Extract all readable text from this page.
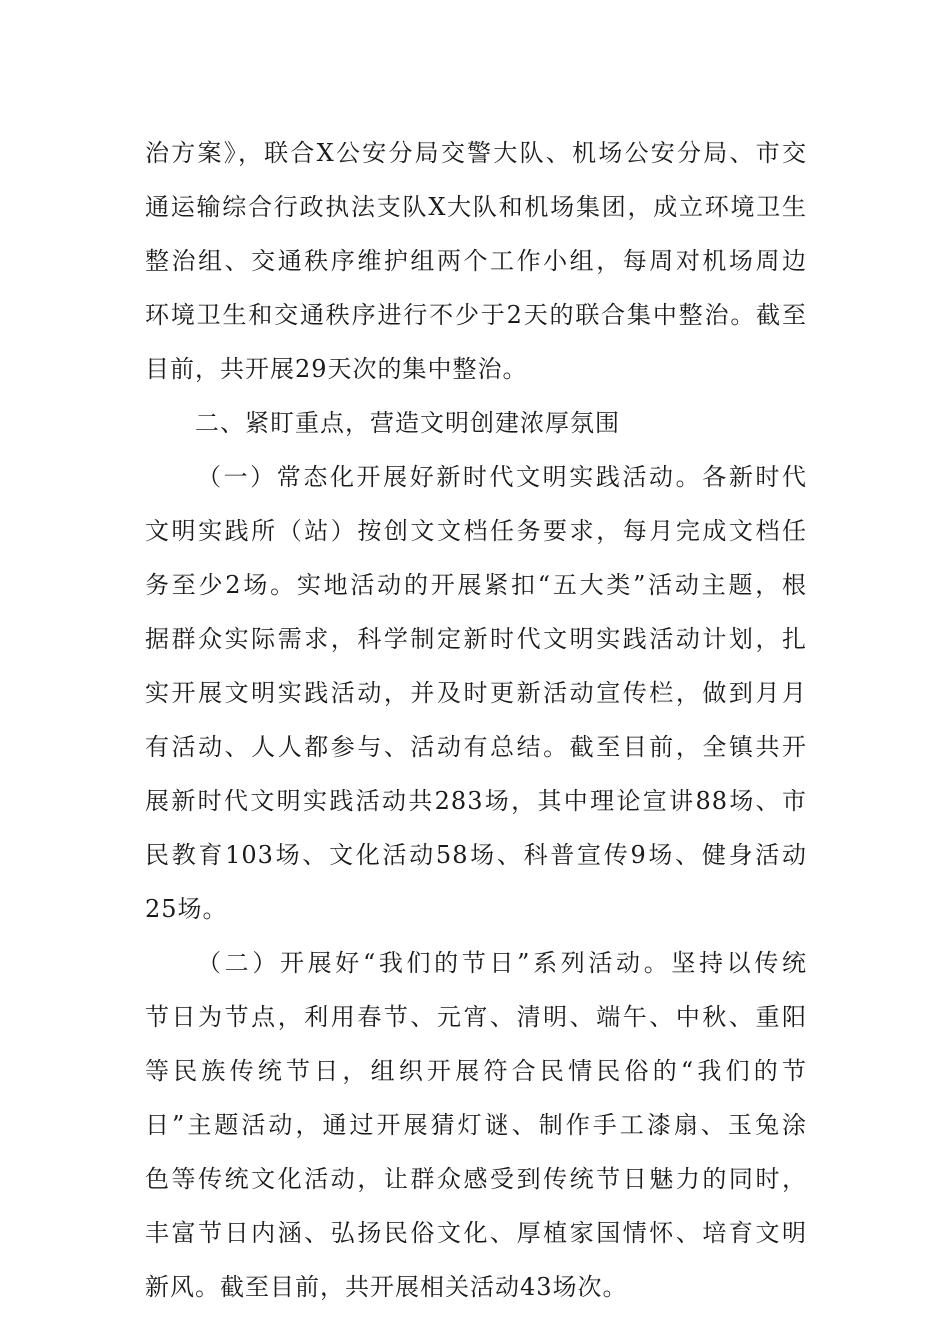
治方案》，联合X公安分局交警大队、机场公安分局、市交
通运输综合行政执法支队X大队和机场集团，成立环境卫生
整治组、交通秩序维护组两个工作小组，每周对机场周边
环境卫生和交通秩序进行不少于2天的联合集中整治。截至
目前，共开展29天次的集中整治。
二、紧盯重点，营造文明创建浓厚氛围
（一）常态化开展好新时代文明实践活动。各新时代
文明实践所（站）按创文文档任务要求，每月完成文档任
务至少2场。实地活动的开展紧扣“五大类”活动主题，根
据群众实际需求，科学制定新时代文明实践活动计划，扎
实开展文明实践活动，并及时更新活动宣传栏，做到月月
有活动、人人都参与、活动有总结。截至目前，全镇共开
展新时代文明实践活动共283场，其中理论宣讲88场、市
民教育103场、文化活动58场、科普宣传9场、健身活动
25场。
（二）开展好“我们的节日”系列活动。坚持以传统
节日为节点，利用春节、元宵、清明、端午、中秋、重阳
等民族传统节日，组织开展符合民情民俗的“我们的节
日”主题活动，通过开展猜灯谜、制作手工漆扇、玉兔涂
色等传统文化活动，让群众感受到传统节日魅力的同时，
丰富节日内涵、弘扬民俗文化、厚植家国情怀、培育文明
新风。截至目前，共开展相关活动43场次。
